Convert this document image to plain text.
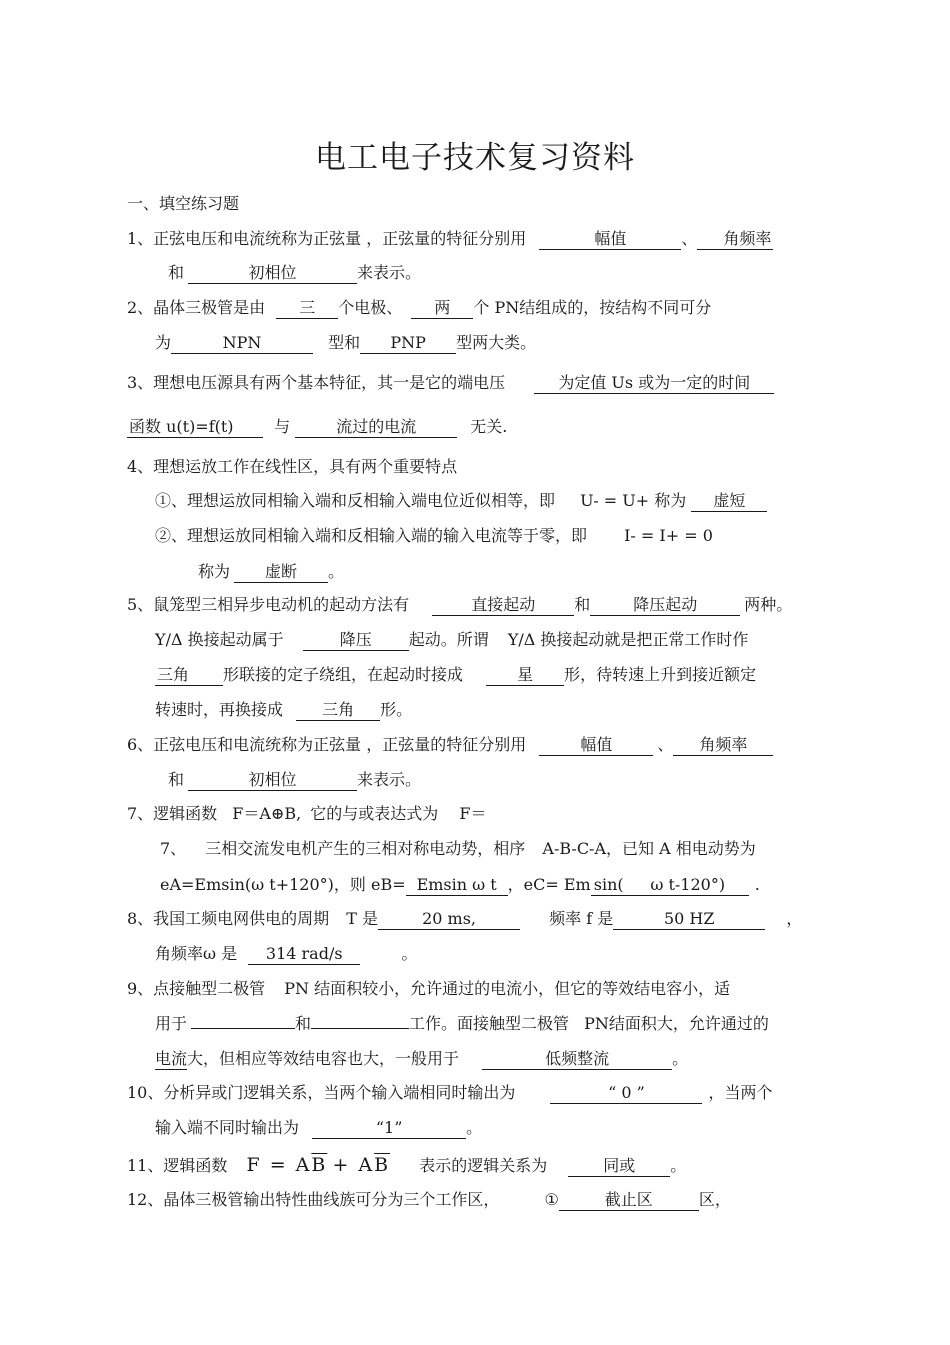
电工电子技术复习资料
一、填空练习题
1、正弦电压和电流统称为正弦量 ，正弦量的特征分别用	幅值	、 角频率
和	初相位	来表示。
2、晶体三极管是由 三 个电极、 两 个 PN结组成的，按结构不同可分
为	NPN	型和 PNP 型两大类。
3、理想电压源具有两个基本特征，其一是它的端电压	为定值 Us 或为一定的时间
函数 u(t)=f(t)	与	流过的电流	无关.
4、理想运放工作在线性区，具有两个重要特点
①、理想运放同相输入端和反相输入端电位近似相等，即 U- = U+ 称为 虚短
②、理想运放同相输入端和反相输入端的输入电流等于零，即 I- = I+ = 0
称为 虚断 。
5、鼠笼型三相异步电动机的起动方法有	直接起动 和	降压起动	两种。
Y/Δ 换接起动属于	降压 起动。所谓 Y/Δ 换接起动就是把正常工作时作
三角 形联接的定子绕组，在起动时接成	星 形，待转速上升到接近额定
转速时，再换接成 三角 形。
6、正弦电压和电流统称为正弦量 ，正弦量的特征分别用	幅值	、 角频率
和	初相位	来表示。
7、逻辑函数 F＝A⊕B, 它的与或表达式为 F＝
7、 三相交流发电机产生的三相对称电动势，相序 A-B-C-A，已知 A 相电动势为
eA=Emsin(ω t+120°)，则 eB= Emsin ω t ，eC= Em sin( ω t-120°) .
8、我国工频电网供电的周期 T 是	20 ms,	频率 f 是	50 HZ	，
角频率ω 是 314 rad/s	。
9、点接触型二极管 PN 结面积较小，允许通过的电流小，但它的等效结电容小，适
用于	和	工作。面接触型二极管 PN结面积大，允许通过的
电流大，但相应等效结电容也大，一般用于	低频整流	。
10、分析异或门逻辑关系，当两个输入端相同时输出为	“ 0 ”	，当两个
输入端不同时输出为	“1”	。
11、逻辑函数 $F = A\overline{B} + A\overline{B}$ 表示的逻辑关系为	同或 。
12、晶体三极管输出特性曲线族可分为三个工作区，	①	截止区	区，
